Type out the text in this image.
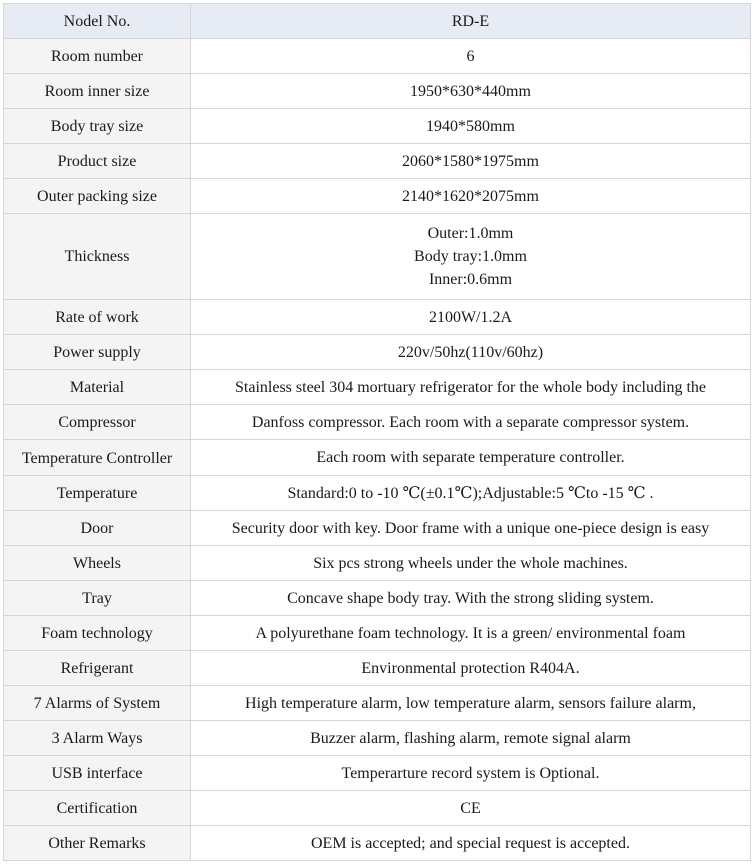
Nodel No.	RD-E
Room number	6
Room inner size	1950*630*440mm
Body tray size	1940*580mm
Product size	2060*1580*1975mm
Outer packing size	2140*1620*2075mm
Thickness	Outer:1.0mm
Body tray:1.0mm
Inner:0.6mm

Rate of work	2100W/1.2A
Power supply	220v/50hz(110v/60hz)
Material	Stainless steel 304 mortuary refrigerator for the whole body including the
Compressor	Danfoss compressor. Each room with a separate compressor system.

Temperature Controller	Each room with separate temperature controller.
Temperature	Standard:0 to -10 ℃(±0.1℃);Adjustable:5 ℃to -15 ℃ .
Door	Security door with key. Door frame with a unique one-piece design is easy
Wheels	Six pcs strong wheels under the whole machines.
Tray	Concave shape body tray. With the strong sliding system.
Foam technology	A polyurethane foam technology. It is a green/ environmental foam
Refrigerant	Environmental protection R404A.
7 Alarms of System	High temperature alarm, low temperature alarm, sensors failure alarm,
3 Alarm Ways	Buzzer alarm, flashing alarm, remote signal alarm
USB interface	Temperarture record system is Optional.
Certification	CE
Other Remarks	OEM is accepted; and special request is accepted.
